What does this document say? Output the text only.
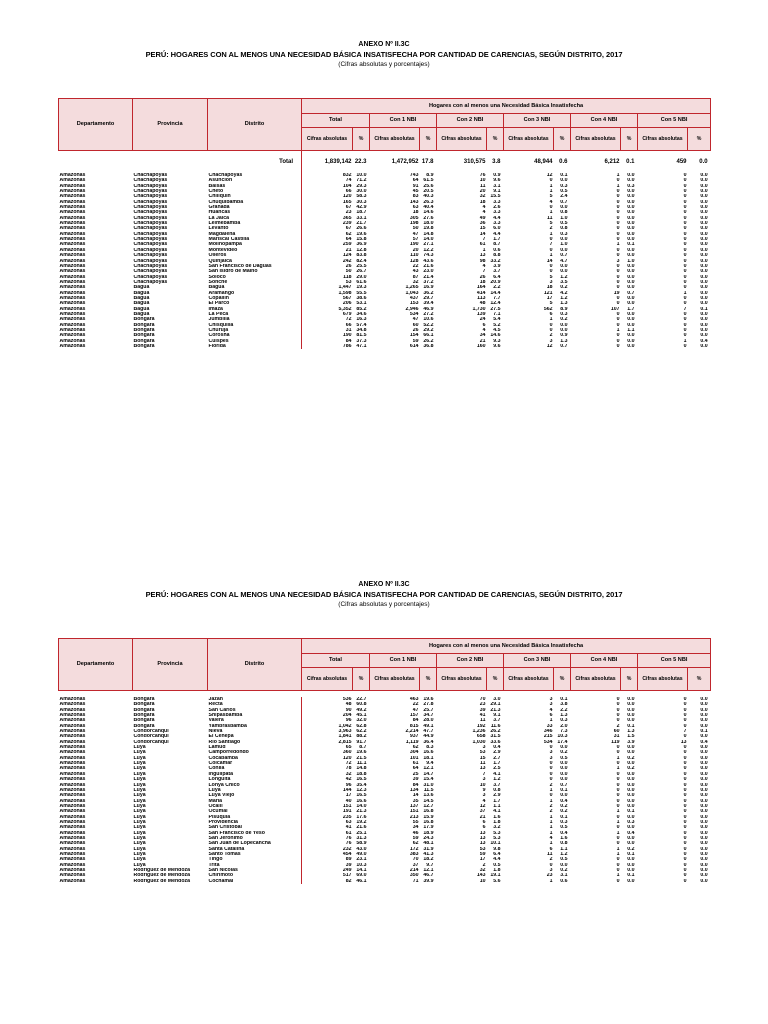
ANEXO Nº II.3C
PERÚ: HOGARES CON AL MENOS UNA NECESIDAD BÁSICA INSATISFECHA POR CANTIDAD DE CARENCIAS, SEGÚN DISTRITO, 2017
(Cifras absolutas y porcentajes)
Departamento	Provincia	Distrito	Hogares con al menos una Necesidad Básica Insatisfecha											
			Total		Con 1 NBI		Con 2 NBI		Con 3 NBI		Con 4 NBI		Con 5 NBI	
			Cifras absolutas	%	Cifras absolutas	%	Cifras absolutas	%	Cifras absolutas	%	Cifras absolutas	%	Cifras absolutas	%
		Total	1,839,142	22.3	1,472,952	17.8	310,575	3.8	48,944	0.6	6,212	0.1	459	0.0
Amazonas	Chachapoyas	Chachapoyas	832	10.0	743	8.9	76	0.9	12	0.1	1	0.0	0	0.0
Amazonas	Chachapoyas	Asuncion	74	71.2	64	61.5	10	9.6	0	0.0	0	0.0	0	0.0
Amazonas	Chachapoyas	Balsas	104	29.3	91	25.6	11	3.1	1	0.3	1	0.3	0	0.0
Amazonas	Chachapoyas	Cheto	66	30.0	45	20.5	20	9.1	1	0.5	0	0.0	0	0.0
Amazonas	Chachapoyas	Chiliquin	120	58.3	83	40.3	32	15.5	5	2.4	0	0.0	0	0.0
Amazonas	Chachapoyas	Chuquibamba	165	30.3	143	26.3	18	3.3	4	0.7	0	0.0	0	0.0
Amazonas	Chachapoyas	Granada	67	42.9	63	40.4	4	2.6	0	0.0	0	0.0	0	0.0
Amazonas	Chachapoyas	Huancas	23	18.7	18	14.6	4	3.3	1	0.8	0	0.0	0	0.0
Amazonas	Chachapoyas	La Jalca	365	33.1	305	27.6	49	4.4	11	1.0	0	0.0	0	0.0
Amazonas	Chachapoyas	Leimebamba	239	21.7	198	18.0	36	3.3	5	0.5	0	0.0	0	0.0
Amazonas	Chachapoyas	Levanto	67	26.6	50	19.8	15	6.0	2	0.8	0	0.0	0	0.0
Amazonas	Chachapoyas	Magdalena	62	19.6	47	14.8	14	4.4	1	0.3	0	0.0	0	0.0
Amazonas	Chachapoyas	Mariscal Castilla	64	15.8	57	14.0	7	1.7	0	0.0	0	0.0	0	0.0
Amazonas	Chachapoyas	Molinopampa	259	36.9	190	27.1	61	8.7	7	1.0	1	0.1	0	0.0
Amazonas	Chachapoyas	Montevideo	21	12.8	20	12.2	1	0.6	0	0.0	0	0.0	0	0.0
Amazonas	Chachapoyas	Olleros	124	83.8	110	74.3	13	8.8	1	0.7	0	0.0	0	0.0
Amazonas	Chachapoyas	Quinjalca	242	82.4	128	43.6	98	33.2	14	4.7	3	1.0	0	0.0
Amazonas	Chachapoyas	San Francisco de Daguas	26	25.5	22	21.6	4	3.9	0	0.0	0	0.0	0	0.0
Amazonas	Chachapoyas	San Isidro de Maino	50	26.7	43	23.0	7	3.7	0	0.0	0	0.0	0	0.0
Amazonas	Chachapoyas	Soloco	118	29.0	87	21.4	26	6.4	5	1.2	0	0.0	0	0.0
Amazonas	Chachapoyas	Sonche	53	61.6	32	37.2	18	20.9	3	3.5	0	0.0	0	0.0
Amazonas	Bagua	Bagua	1,447	19.3	1,265	16.9	164	2.2	18	0.2	0	0.0	0	0.0
Amazonas	Bagua	Aramango	1,598	55.5	1,043	36.2	414	14.4	121	4.2	19	0.7	1	0.0
Amazonas	Bagua	Copallin	567	38.6	437	29.7	113	7.7	17	1.2	0	0.0	0	0.0
Amazonas	Bagua	El Parco	206	53.1	153	39.4	48	12.4	5	1.3	0	0.0	0	0.0
Amazonas	Bagua	Imaza	5,352	85.2	2,946	46.9	1,730	27.5	562	8.9	107	1.7	7	0.1
Amazonas	Bagua	La Peca	679	34.6	534	27.2	139	7.1	6	0.3	0	0.0	0	0.0
Amazonas	Bongara	Jumbilla	72	16.3	47	10.6	24	5.4	1	0.2	0	0.0	0	0.0
Amazonas	Bongara	Chisquilla	66	57.4	60	52.2	6	5.2	0	0.0	0	0.0	0	0.0
Amazonas	Bongara	Churuja	31	34.8	26	29.2	4	4.5	0	0.0	1	1.1	0	0.0
Amazonas	Bongara	Corosha	190	81.5	154	66.1	34	14.6	2	0.9	0	0.0	0	0.0
Amazonas	Bongara	Cuispes	84	37.3	59	26.2	21	9.3	3	1.3	0	0.0	1	0.4
Amazonas	Bongara	Florida	786	47.1	614	36.8	160	9.6	12	0.7	0	0.0	0	0.0
ANEXO Nº II.3C
PERÚ: HOGARES CON AL MENOS UNA NECESIDAD BÁSICA INSATISFECHA POR CANTIDAD DE CARENCIAS, SEGÚN DISTRITO, 2017
(Cifras absolutas y porcentajes)
Departamento	Provincia	Distrito	Hogares con al menos una Necesidad Básica Insatisfecha											
			Total		Con 1 NBI		Con 2 NBI		Con 3 NBI		Con 4 NBI		Con 5 NBI	
			Cifras absolutas	%	Cifras absolutas	%	Cifras absolutas	%	Cifras absolutas	%	Cifras absolutas	%	Cifras absolutas	%

Amazonas	Bongara	Jazan	536	22.7	463	19.6	70	3.0	3	0.1	0	0.0	0	0.0
Amazonas	Bongara	Recta	48	60.8	22	27.8	23	29.1	3	3.8	0	0.0	0	0.0
Amazonas	Bongara	San Carlos	90	49.2	47	25.7	39	21.3	4	2.2	0	0.0	0	0.0
Amazonas	Bongara	Shipasbamba	204	45.1	157	34.7	41	9.1	6	1.3	0	0.0	0	0.0
Amazonas	Bongara	Valera	96	32.0	84	28.0	11	3.7	1	0.3	0	0.0	0	0.0
Amazonas	Bongara	Yambrasbamba	1,042	62.8	815	49.1	192	11.6	33	2.0	2	0.1	0	0.0
Amazonas	Condorcanqui	Nieva	3,963	62.2	2,214	47.7	1,236	26.2	346	7.3	60	1.3	7	0.1
Amazonas	Condorcanqui	El Cenepa	1,841	88.2	937	44.9	658	31.5	215	10.3	31	1.5	0	0.0
Amazonas	Condorcanqui	Rio Santiago	2,815	91.7	1,119	36.4	1,030	33.6	534	17.4	119	3.9	13	0.4
Amazonas	Luya	Lamud	65	8.7	62	8.3	3	0.4	0	0.0	0	0.0	0	0.0
Amazonas	Luya	Camporredondo	360	19.6	304	16.6	53	2.9	3	0.2	0	0.0	0	0.0
Amazonas	Luya	Cocabamba	120	21.5	101	18.1	15	2.7	3	0.5	1	0.2	0	0.0
Amazonas	Luya	Colcamar	72	11.1	61	9.4	11	1.7	0	0.0	0	0.0	0	0.0
Amazonas	Luya	Conila	78	14.8	64	12.1	13	2.5	0	0.0	1	0.2	0	0.0
Amazonas	Luya	Inguilpata	32	18.8	25	14.7	7	4.1	0	0.0	0	0.0	0	0.0
Amazonas	Luya	Longuita	42	16.5	39	15.4	3	1.2	0	0.0	0	0.0	0	0.0
Amazonas	Luya	Lonya Chico	96	35.4	84	31.0	10	3.7	2	0.7	0	0.0	0	0.0
Amazonas	Luya	Luya	144	12.3	134	11.5	9	0.8	1	0.1	0	0.0	0	0.0
Amazonas	Luya	Luya Viejo	17	16.5	14	13.6	3	2.9	0	0.0	0	0.0	0	0.0
Amazonas	Luya	Maria	40	16.6	35	14.5	4	1.7	1	0.4	0	0.0	0	0.0
Amazonas	Luya	Ocalli	151	14.0	137	12.7	12	1.1	2	0.2	0	0.0	0	0.0
Amazonas	Luya	Ocumal	191	21.3	151	16.8	37	4.1	2	0.2	1	0.1	0	0.0
Amazonas	Luya	Pisuquia	235	17.6	213	15.9	21	1.6	1	0.1	0	0.0	0	0.0
Amazonas	Luya	Providencia	63	19.2	55	16.8	6	1.8	1	0.3	1	0.3	0	0.0
Amazonas	Luya	San Cristobal	41	21.6	34	17.9	6	3.2	1	0.5	0	0.0	0	0.0
Amazonas	Luya	San Francisco de Yeso	61	25.1	46	18.9	13	5.3	1	0.4	1	0.4	0	0.0
Amazonas	Luya	San Jeronimo	76	31.3	59	24.3	13	5.3	4	1.6	0	0.0	0	0.0
Amazonas	Luya	San Juan de Lopecancha	76	58.9	62	48.1	13	10.1	1	0.8	0	0.0	0	0.0
Amazonas	Luya	Santa Catalina	232	43.0	172	31.9	53	9.8	6	1.1	1	0.2	0	0.0
Amazonas	Luya	Santo Tomas	454	49.0	383	41.3	59	6.4	11	1.2	1	0.1	0	0.0
Amazonas	Luya	Tingo	89	23.1	70	18.2	17	4.4	2	0.5	0	0.0	0	0.0
Amazonas	Luya	Trita	39	10.3	37	9.7	2	0.5	0	0.0	0	0.0	0	0.0
Amazonas	Rodriguez de Mendoza	San Nicolas	249	14.1	214	12.1	32	1.8	3	0.2	0	0.0	0	0.0
Amazonas	Rodriguez de Mendoza	Chirimoto	517	69.0	350	46.7	143	19.1	23	3.1	1	0.1	0	0.0
Amazonas	Rodriguez de Mendoza	Cochamal	82	46.1	71	39.9	10	5.6	1	0.6	0	0.0	0	0.0
